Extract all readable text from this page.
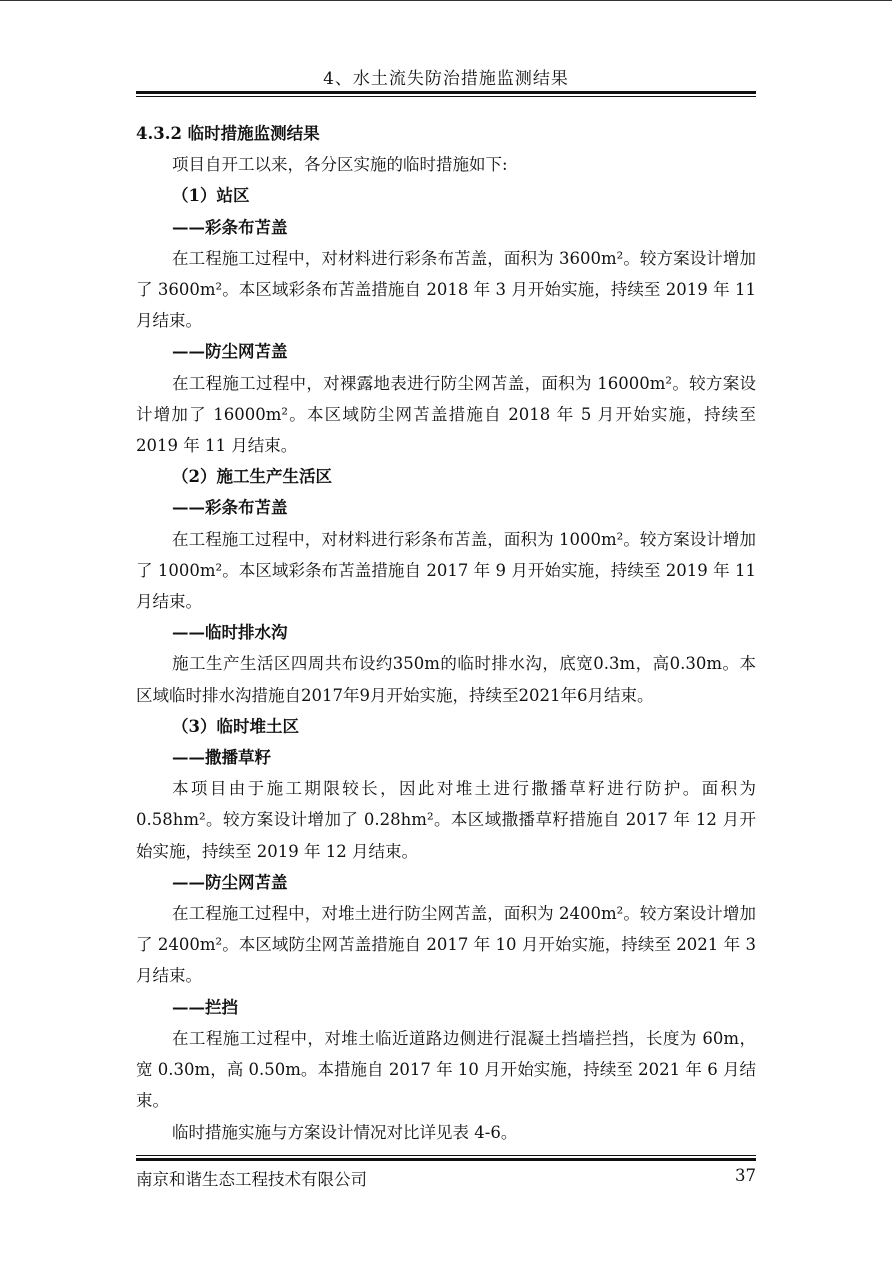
4、水土流失防治措施监测结果

4.3.2 临时措施监测结果

项目自开工以来，各分区实施的临时措施如下:

（1）站区

——彩条布苫盖

在工程施工过程中，对材料进行彩条布苫盖，面积为 3600m²。较方案设计增加了 3600m²。本区域彩条布苫盖措施自 2018 年 3 月开始实施，持续至 2019 年 11 月结束。

——防尘网苫盖

在工程施工过程中，对裸露地表进行防尘网苫盖，面积为 16000m²。较方案设计增加了 16000m²。本区域防尘网苫盖措施自 2018 年 5 月开始实施，持续至 2019 年 11 月结束。

（2）施工生产生活区

——彩条布苫盖

在工程施工过程中，对材料进行彩条布苫盖，面积为 1000m²。较方案设计增加了 1000m²。本区域彩条布苫盖措施自 2017 年 9 月开始实施，持续至 2019 年 11 月结束。

——临时排水沟

施工生产生活区四周共布设约350m的临时排水沟，底宽0.3m，高0.30m。本区域临时排水沟措施自2017年9月开始实施，持续至2021年6月结束。

（3）临时堆土区

——撒播草籽

本项目由于施工期限较长，因此对堆土进行撒播草籽进行防护。面积为 0.58hm²。较方案设计增加了 0.28hm²。本区域撒播草籽措施自 2017 年 12 月开始实施，持续至 2019 年 12 月结束。

——防尘网苫盖

在工程施工过程中，对堆土进行防尘网苫盖，面积为 2400m²。较方案设计增加了 2400m²。本区域防尘网苫盖措施自 2017 年 10 月开始实施，持续至 2021 年 3 月结束。

——拦挡

在工程施工过程中，对堆土临近道路边侧进行混凝土挡墙拦挡，长度为 60m，宽 0.30m，高 0.50m。本措施自 2017 年 10 月开始实施，持续至 2021 年 6 月结束。

临时措施实施与方案设计情况对比详见表 4-6。

南京和谐生态工程技术有限公司	37
